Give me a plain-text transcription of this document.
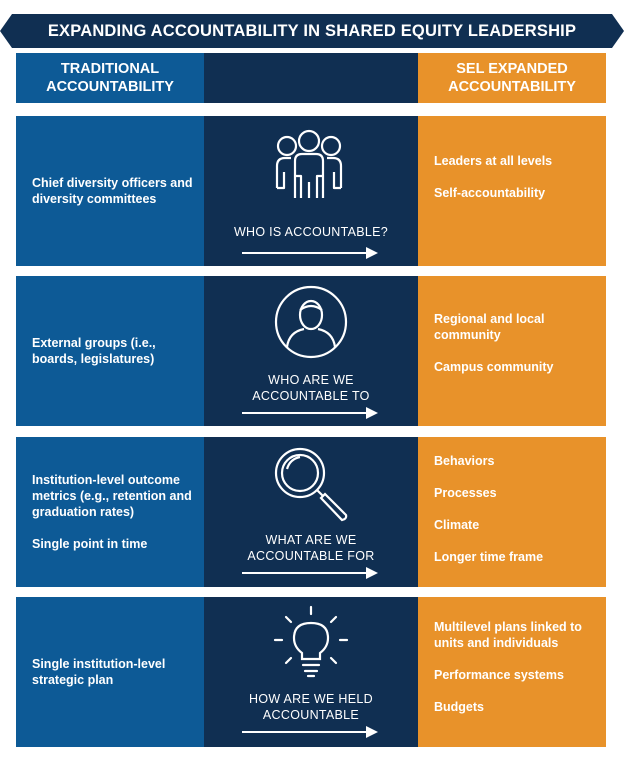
EXPANDING ACCOUNTABILITY IN SHARED EQUITY LEADERSHIP
TRADITIONAL
ACCOUNTABILITY
SEL EXPANDED
ACCOUNTABILITY

Chief diversity officers and diversity committees

WHO IS ACCOUNTABLE?

Leaders at all levels

Self-accountability

External groups (i.e., boards, legislatures)

WHO ARE WE
ACCOUNTABLE TO

Regional and local community

Campus community

Institution-level outcome metrics (e.g., retention and graduation rates)

Single point in time	WHAT ARE WE
ACCOUNTABLE FOR

Behaviors

Processes

Climate

Longer time frame

Single institution-level strategic plan

HOW ARE WE HELD
ACCOUNTABLE

Multilevel plans linked to units and individuals

Performance systems

Budgets
